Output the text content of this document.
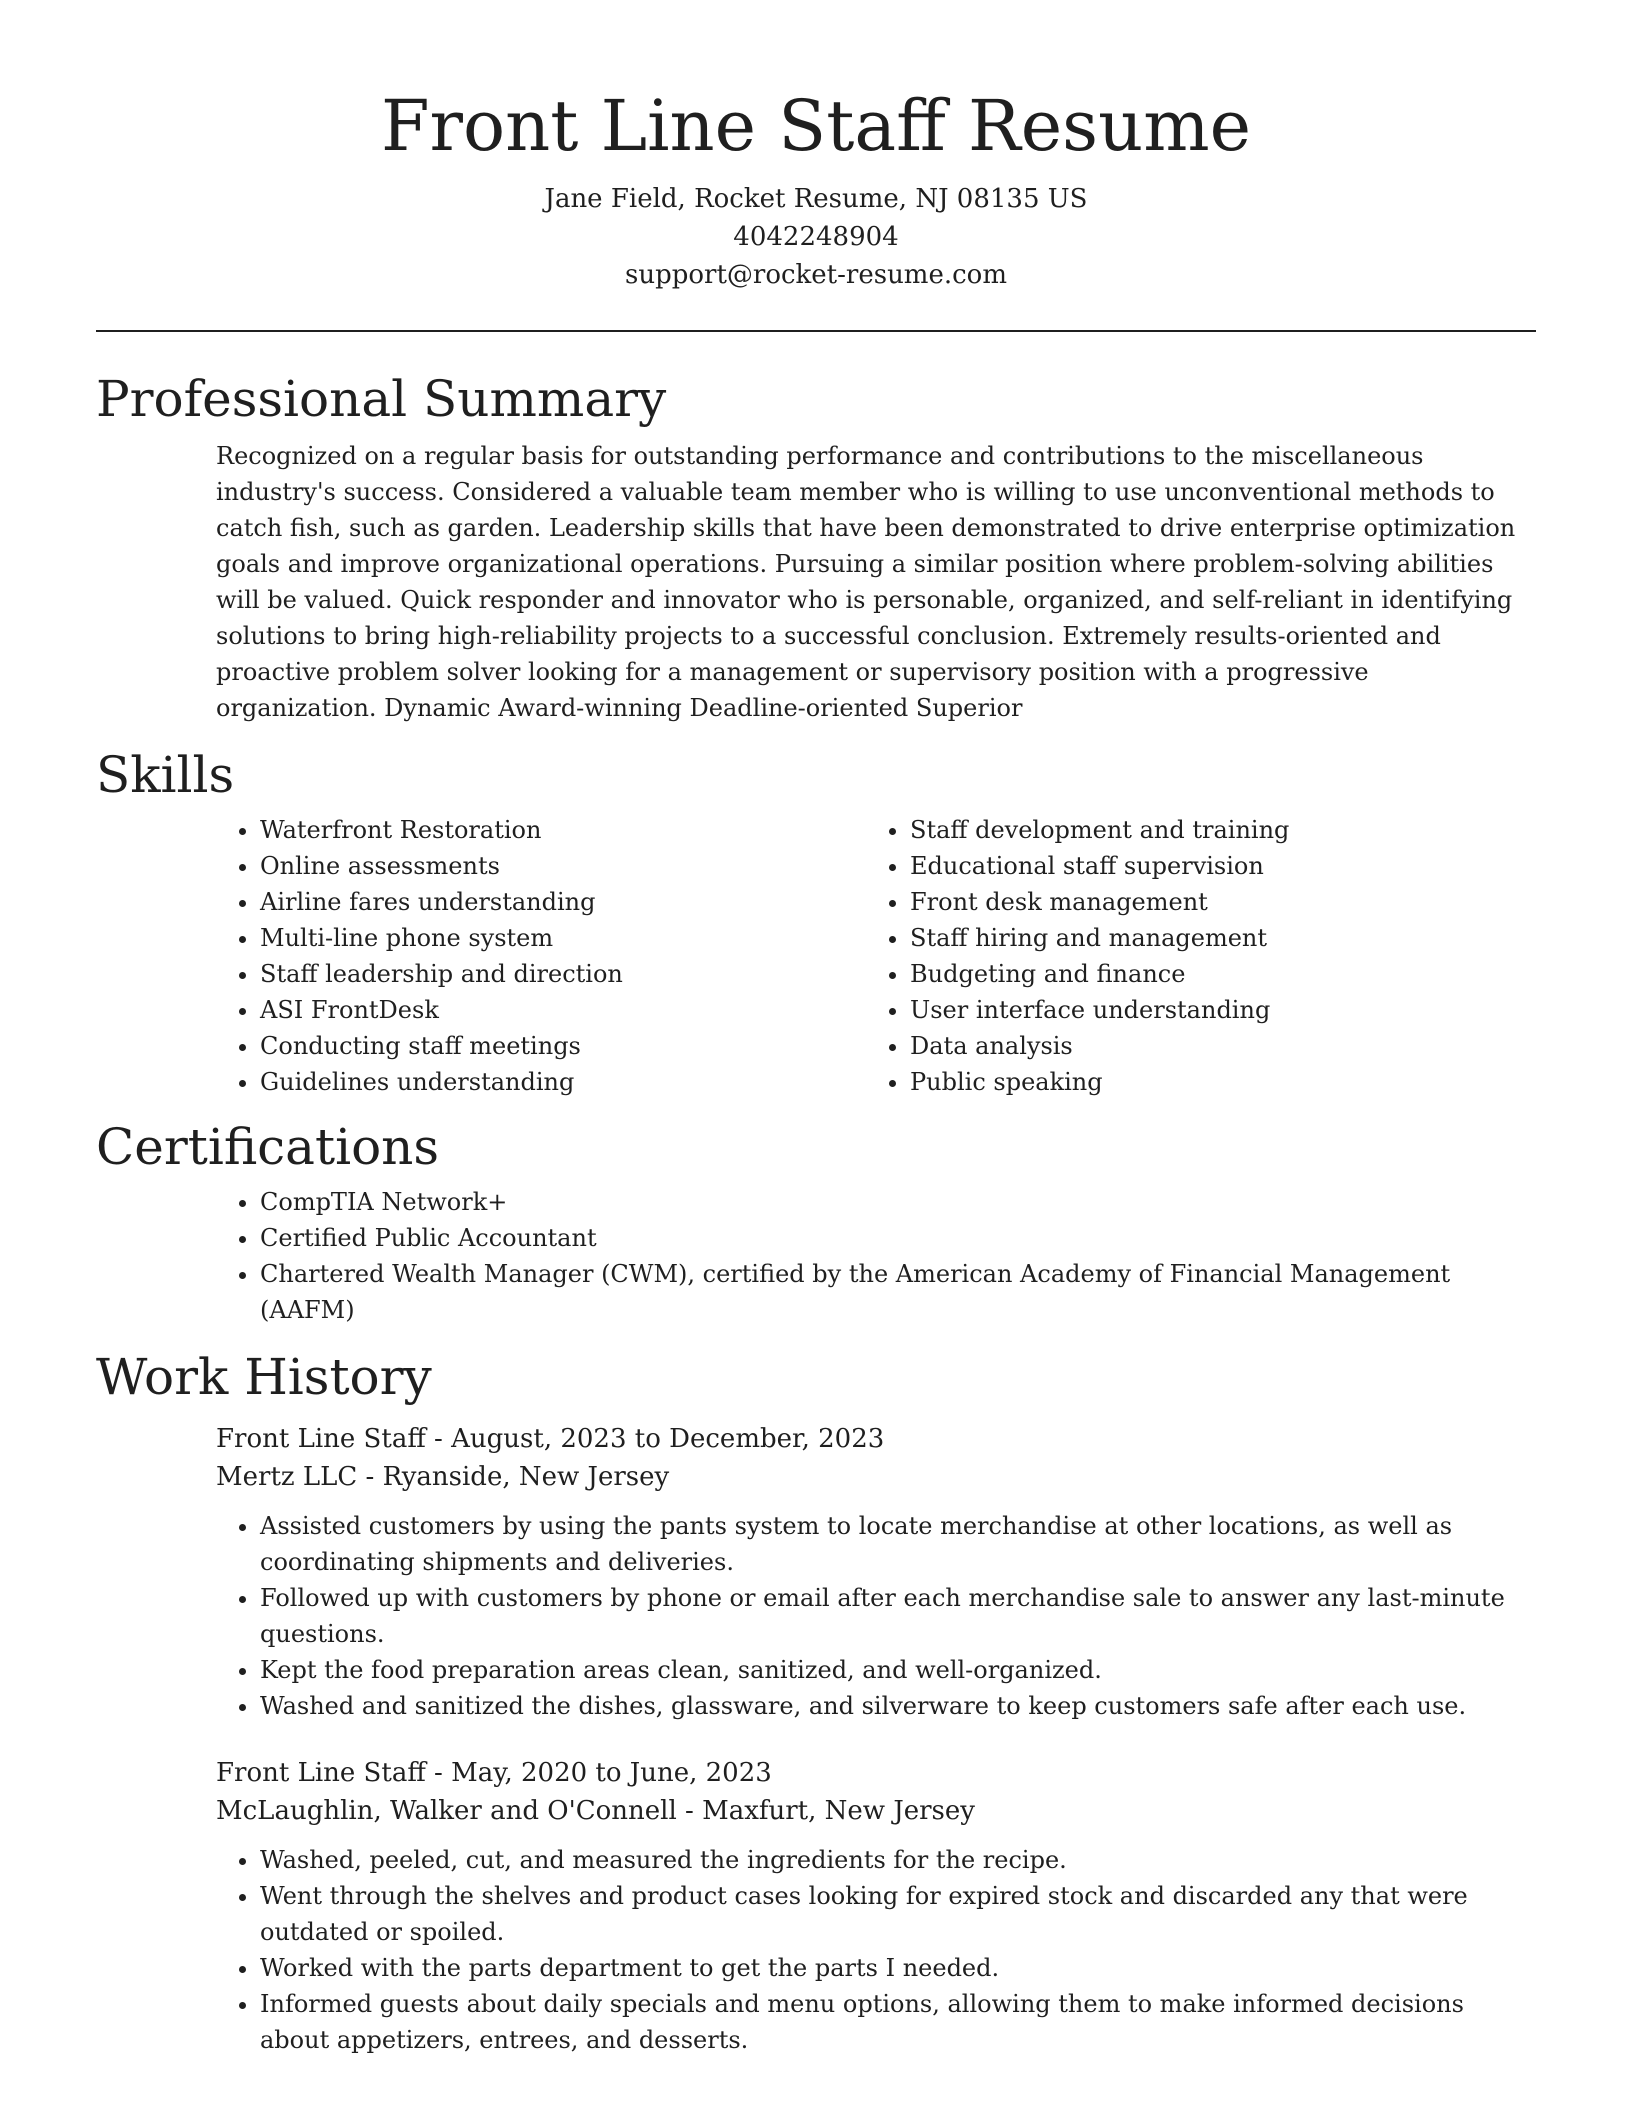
Front Line Staff Resume

Jane Field, Rocket Resume, NJ 08135 US

4042248904

support@rocket-resume.com

Professional Summary

Recognized on a regular basis for outstanding performance and contributions to the miscellaneous industry's success. Considered a valuable team member who is willing to use unconventional methods to catch fish, such as garden. Leadership skills that have been demonstrated to drive enterprise optimization goals and improve organizational operations. Pursuing a similar position where problem-solving abilities will be valued. Quick responder and innovator who is personable, organized, and self-reliant in identifying solutions to bring high-reliability projects to a successful conclusion. Extremely results-oriented and proactive problem solver looking for a management or supervisory position with a progressive organization. Dynamic Award-winning Deadline-oriented Superior

Skills
• Waterfront Restoration
• Online assessments
• Airline fares understanding
• Multi-line phone system
• Staff leadership and direction
• ASI FrontDesk
• Conducting staff meetings
• Guidelines understanding
• Staff development and training
• Educational staff supervision
• Front desk management
• Staff hiring and management
• Budgeting and finance
• User interface understanding
• Data analysis
• Public speaking
Certifications
• CompTIA Network+
• Certified Public Accountant
• Chartered Wealth Manager (CWM), certified by the American Academy of Financial Management (AAFM)
Work History

Front Line Staff - August, 2023 to December, 2023

Mertz LLC - Ryanside, New Jersey

• Assisted customers by using the pants system to locate merchandise at other locations, as well as coordinating shipments and deliveries.
• Followed up with customers by phone or email after each merchandise sale to answer any last-minute questions.
• Kept the food preparation areas clean, sanitized, and well-organized.
• Washed and sanitized the dishes, glassware, and silverware to keep customers safe after each use.

Front Line Staff - May, 2020 to June, 2023

McLaughlin, Walker and O'Connell - Maxfurt, New Jersey

• Washed, peeled, cut, and measured the ingredients for the recipe.
• Went through the shelves and product cases looking for expired stock and discarded any that were outdated or spoiled.
• Worked with the parts department to get the parts I needed.
• Informed guests about daily specials and menu options, allowing them to make informed decisions about appetizers, entrees, and desserts.
